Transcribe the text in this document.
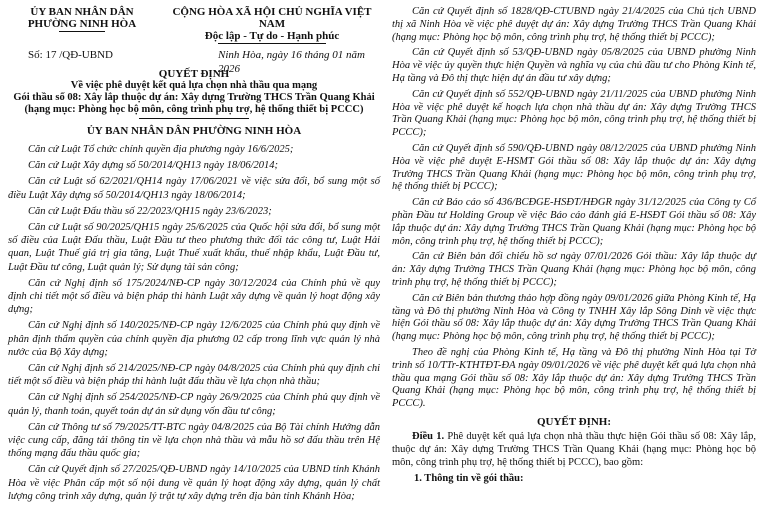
ỦY BAN NHÂN DÂN
PHƯỜNG NINH HÒA
CỘNG HÒA XÃ HỘI CHỦ NGHĨA VIỆT NAM
Độc lập - Tự do - Hạnh phúc
Số: 17 /QĐ-UBND	Ninh Hòa, ngày 16 tháng 01 năm 2026
QUYẾT ĐỊNH
Về việc phê duyệt kết quả lựa chọn nhà thầu qua mạng
Gói thầu số 08: Xây lắp thuộc dự án: Xây dựng Trường THCS Trần Quang Khải
(hạng mục: Phòng học bộ môn, công trình phụ trợ, hệ thống thiết bị PCCC)
ỦY BAN NHÂN DÂN PHƯỜNG NINH HÒA

Căn cứ Luật Tổ chức chính quyền địa phương ngày 16/6/2025;

Căn cứ Luật Xây dựng số 50/2014/QH13 ngày 18/06/2014;

Căn cứ Luật số 62/2021/QH14 ngày 17/06/2021 về việc sửa đổi, bổ sung một số điều Luật Xây dựng số 50/2014/QH13 ngày 18/06/2014;

Căn cứ Luật Đấu thầu số 22/2023/QH15 ngày 23/6/2023;

Căn cứ Luật số 90/2025/QH15 ngày 25/6/2025 của Quốc hội sửa đổi, bổ sung một số điều của Luật Đấu thầu, Luật Đầu tư theo phương thức đối tác công tư, Luật Hải quan, Luật Thuế giá trị gia tăng, Luật Thuế xuất khẩu, thuế nhập khẩu, Luật Đầu tư, Luật Đầu tư công, Luật quản lý; Sử dụng tài sản công;

Căn cứ Nghị định số 175/2024/NĐ-CP ngày 30/12/2024 của Chính phủ về quy định chi tiết một số điều và biện pháp thi hành Luật xây dựng về quản lý hoạt động xây dựng;

Căn cứ Nghị định số 140/2025/NĐ-CP ngày 12/6/2025 của Chính phủ quy định về phân định thẩm quyền của chính quyền địa phương 02 cấp trong lĩnh vực quản lý nhà nước của Bộ Xây dựng;

Căn cứ Nghị định số 214/2025/NĐ-CP ngày 04/8/2025 của Chính phủ quy định chi tiết một số điều và biện pháp thi hành luật đấu thầu về lựa chọn nhà thầu;

Căn cứ Nghị định số 254/2025/NĐ-CP ngày 26/9/2025 của Chính phủ quy định về quản lý, thanh toán, quyết toán dự án sử dụng vốn đầu tư công;

Căn cứ Thông tư số 79/2025/TT-BTC ngày 04/8/2025 của Bộ Tài chính Hướng dẫn việc cung cấp, đăng tải thông tin về lựa chọn nhà thầu và mẫu hồ sơ đấu thầu trên Hệ thống mạng đấu thầu quốc gia;

Căn cứ Quyết định số 27/2025/QĐ-UBND ngày 14/10/2025 của UBND tỉnh Khánh Hòa về việc Phân cấp một số nội dung về quản lý hoạt động xây dựng, quản lý chất lượng công trình xây dựng, quản lý trật tự xây dựng trên địa bàn tỉnh Khánh Hòa;

Căn cứ Quyết định số 1828/QĐ-CTUBND ngày 21/4/2025 của Chủ tịch UBND thị xã Ninh Hòa về việc phê duyệt dự án: Xây dựng Trường THCS Trần Quang Khải (hạng mục: Phòng học bộ môn, công trình phụ trợ, hệ thống thiết bị PCCC);

Căn cứ Quyết định số 53/QĐ-UBND ngày 05/8/2025 của UBND phường Ninh Hòa về việc ủy quyền thực hiện Quyền và nghĩa vụ của chủ đầu tư cho Phòng Kinh tế, Hạ tầng và Đô thị thực hiện dự án đầu tư xây dựng;

Căn cứ Quyết định số 552/QĐ-UBND ngày 21/11/2025 của UBND phường Ninh Hòa về việc phê duyệt kế hoạch lựa chọn nhà thầu dự án: Xây dựng Trường THCS Trần Quang Khải (hạng mục: Phòng học bộ môn, công trình phụ trợ, hệ thống thiết bị PCCC);

Căn cứ Quyết định số 590/QĐ-UBND ngày 08/12/2025 của UBND phường Ninh Hòa về việc phê duyệt E-HSMT Gói thầu số 08: Xây lắp thuộc dự án: Xây dựng Trường THCS Trần Quang Khải (hạng mục: Phòng học bộ môn, công trình phụ trợ, hệ thống thiết bị PCCC);

Căn cứ Báo cáo số 436/BCĐGE-HSĐT/HĐGR ngày 31/12/2025 của Công ty Cổ phần Đầu tư Holding Group về việc Báo cáo đánh giá E-HSĐT Gói thầu số 08: Xây lắp thuộc dự án: Xây dựng Trường THCS Trần Quang Khải (hạng mục: Phòng học bộ môn, công trình phụ trợ, hệ thống thiết bị PCCC);

Căn cứ Biên bản đối chiếu hồ sơ ngày 07/01/2026 Gói thầu: Xây lắp thuộc dự án: Xây dựng Trường THCS Trần Quang Khải (hạng mục: Phòng học bộ môn, công trình phụ trợ, hệ thống thiết bị PCCC);

Căn cứ Biên bản thương thảo hợp đồng ngày 09/01/2026 giữa Phòng Kinh tế, Hạ tầng và Đô thị phường Ninh Hòa và Công ty TNHH Xây lắp Sông Dinh về việc thực hiện Gói thầu số 08: Xây lắp thuộc dự án: Xây dựng Trường THCS Trần Quang Khải (hạng mục: Phòng học bộ môn, công trình phụ trợ, hệ thống thiết bị PCCC);

Theo đề nghị của Phòng Kinh tế, Hạ tầng và Đô thị phường Ninh Hòa tại Tờ trình số 10/TTr-KTHTĐT-ĐA ngày 09/01/2026 về việc phê duyệt kết quả lựa chọn nhà thầu qua mạng Gói thầu số 08: Xây lắp thuộc dự án: Xây dựng Trường THCS Trần Quang Khải (hạng mục: Phòng học bộ môn, công trình phụ trợ, hệ thống thiết bị PCCC).

QUYẾT ĐỊNH:

Điều 1. Phê duyệt kết quả lựa chọn nhà thầu thực hiện Gói thầu số 08: Xây lắp, thuộc dự án: Xây dựng Trường THCS Trần Quang Khải (hạng mục: Phòng học bộ môn, công trình phụ trợ, hệ thống thiết bị PCCC), bao gồm:

1. Thông tin về gói thầu:
